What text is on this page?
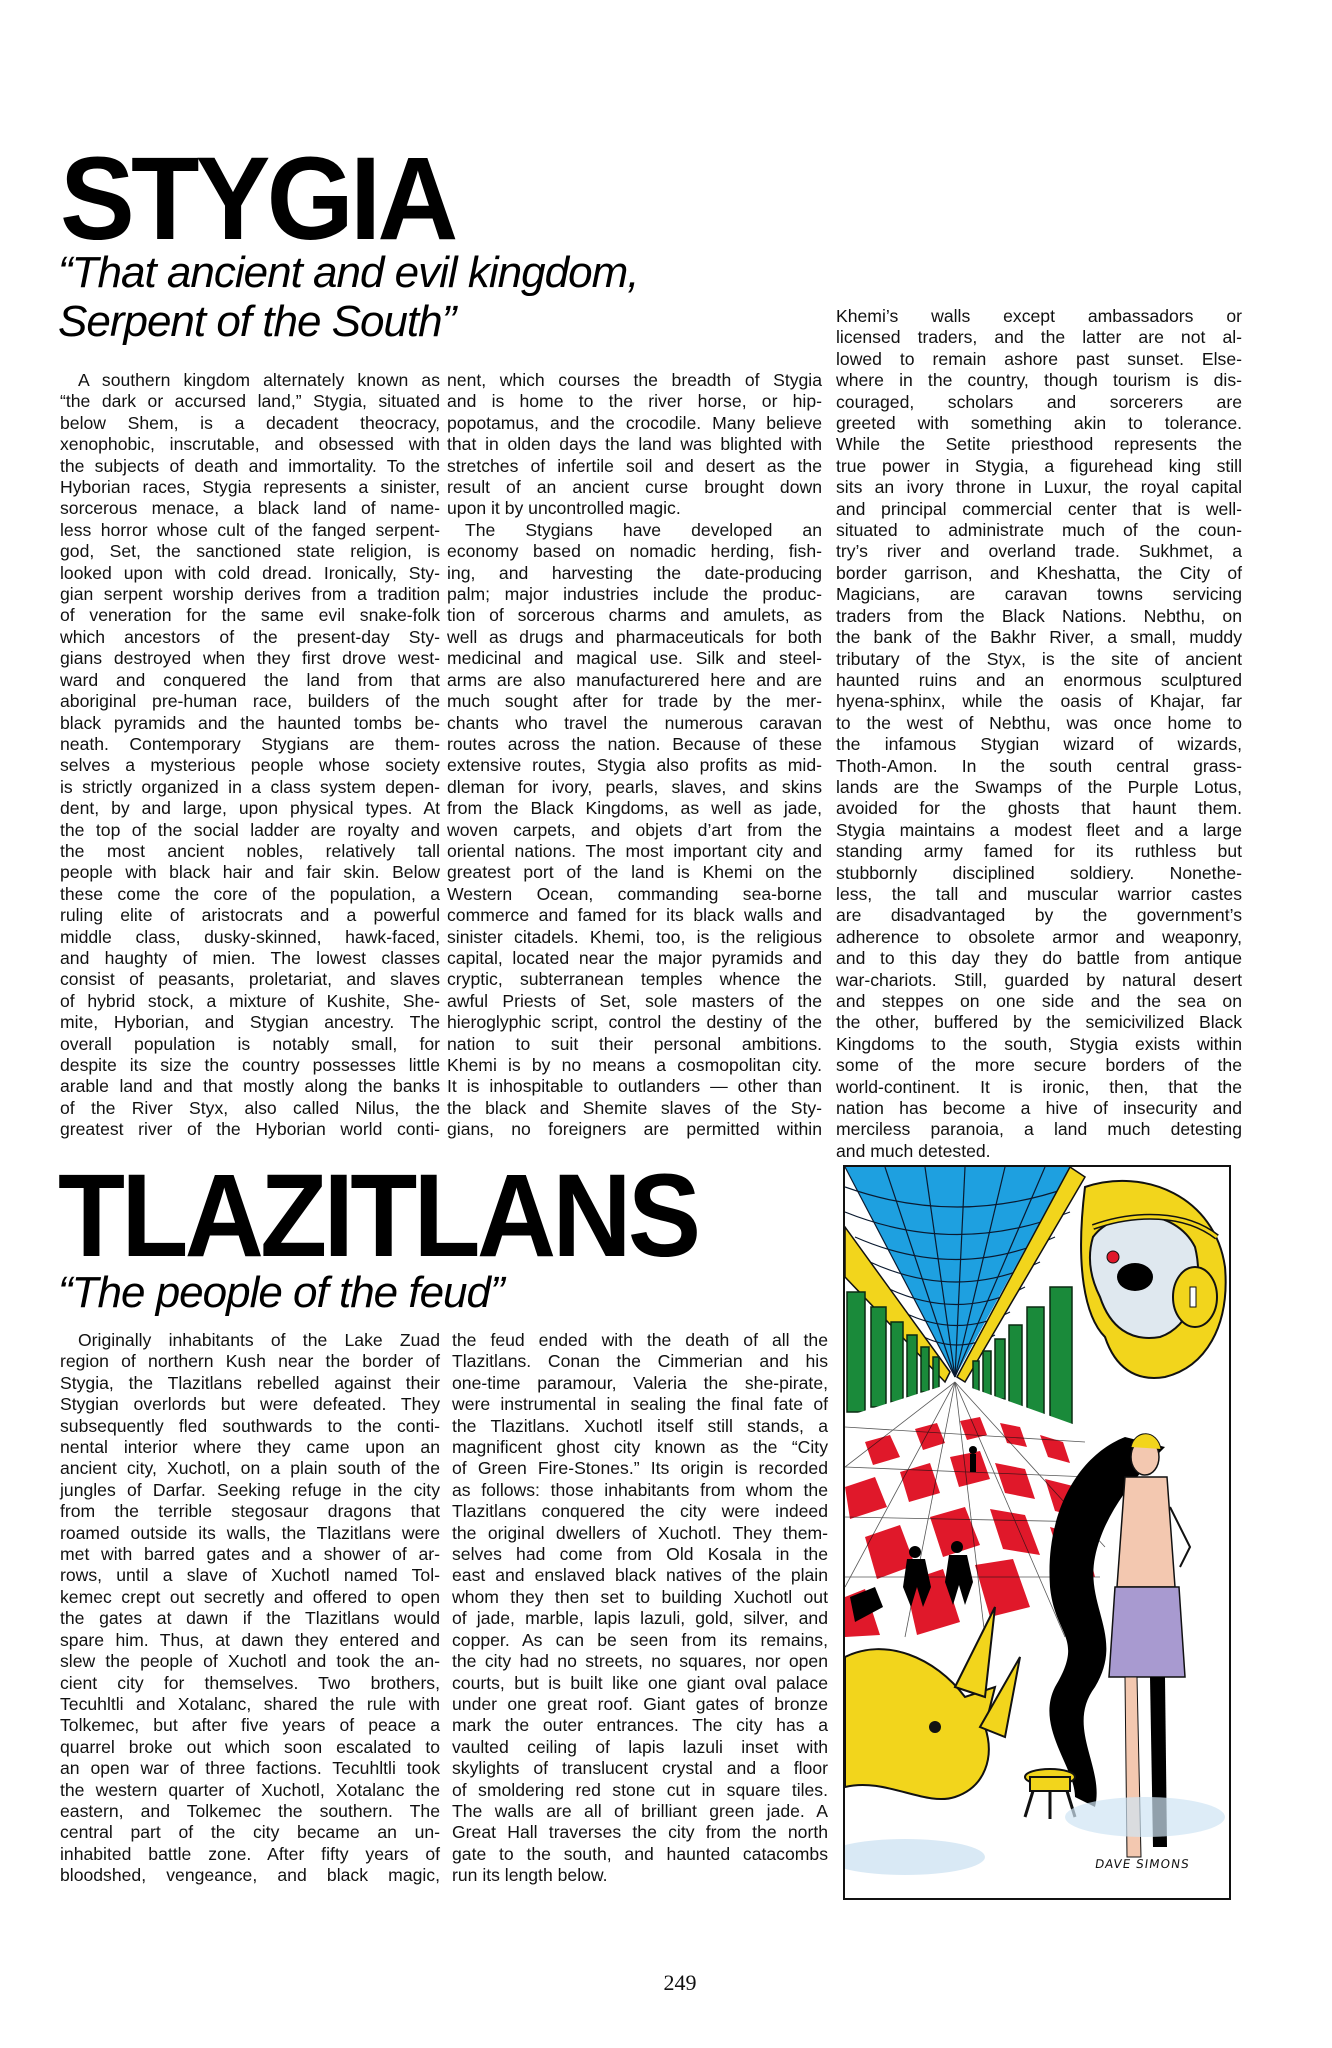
STYGIA
“That ancient and evil kingdom,
Serpent of the South”
A southern kingdom alternately known as
“the dark or accursed land,” Stygia, situated
below Shem, is a decadent theocracy,
xenophobic, inscrutable, and obsessed with
the subjects of death and immortality. To the
Hyborian races, Stygia represents a sinister,
sorcerous menace, a black land of name-
less horror whose cult of the fanged serpent-
god, Set, the sanctioned state religion, is
looked upon with cold dread. Ironically, Sty-
gian serpent worship derives from a tradition
of veneration for the same evil snake-folk
which ancestors of the present-day Sty-
gians destroyed when they first drove west-
ward and conquered the land from that
aboriginal pre-human race, builders of the
black pyramids and the haunted tombs be-
neath. Contemporary Stygians are them-
selves a mysterious people whose society
is strictly organized in a class system depen-
dent, by and large, upon physical types. At
the top of the social ladder are royalty and
the most ancient nobles, relatively tall
people with black hair and fair skin. Below
these come the core of the population, a
ruling elite of aristocrats and a powerful
middle class, dusky-skinned, hawk-faced,
and haughty of mien. The lowest classes
consist of peasants, proletariat, and slaves
of hybrid stock, a mixture of Kushite, She-
mite, Hyborian, and Stygian ancestry. The
overall population is notably small, for
despite its size the country possesses little
arable land and that mostly along the banks
of the River Styx, also called Nilus, the
greatest river of the Hyborian world conti-
nent, which courses the breadth of Stygia
and is home to the river horse, or hip-
popotamus, and the crocodile. Many believe
that in olden days the land was blighted with
stretches of infertile soil and desert as the
result of an ancient curse brought down
upon it by uncontrolled magic.
The Stygians have developed an
economy based on nomadic herding, fish-
ing, and harvesting the date-producing
palm; major industries include the produc-
tion of sorcerous charms and amulets, as
well as drugs and pharmaceuticals for both
medicinal and magical use. Silk and steel-
arms are also manufacturered here and are
much sought after for trade by the mer-
chants who travel the numerous caravan
routes across the nation. Because of these
extensive routes, Stygia also profits as mid-
dleman for ivory, pearls, slaves, and skins
from the Black Kingdoms, as well as jade,
woven carpets, and objets d’art from the
oriental nations. The most important city and
greatest port of the land is Khemi on the
Western Ocean, commanding sea-borne
commerce and famed for its black walls and
sinister citadels. Khemi, too, is the religious
capital, located near the major pyramids and
cryptic, subterranean temples whence the
awful Priests of Set, sole masters of the
hieroglyphic script, control the destiny of the
nation to suit their personal ambitions.
Khemi is by no means a cosmopolitan city.
It is inhospitable to outlanders — other than
the black and Shemite slaves of the Sty-
gians, no foreigners are permitted within
Khemi’s walls except ambassadors or
licensed traders, and the latter are not al-
lowed to remain ashore past sunset. Else-
where in the country, though tourism is dis-
couraged, scholars and sorcerers are
greeted with something akin to tolerance.
While the Setite priesthood represents the
true power in Stygia, a figurehead king still
sits an ivory throne in Luxur, the royal capital
and principal commercial center that is well-
situated to administrate much of the coun-
try’s river and overland trade. Sukhmet, a
border garrison, and Kheshatta, the City of
Magicians, are caravan towns servicing
traders from the Black Nations. Nebthu, on
the bank of the Bakhr River, a small, muddy
tributary of the Styx, is the site of ancient
haunted ruins and an enormous sculptured
hyena-sphinx, while the oasis of Khajar, far
to the west of Nebthu, was once home to
the infamous Stygian wizard of wizards,
Thoth-Amon. In the south central grass-
lands are the Swamps of the Purple Lotus,
avoided for the ghosts that haunt them.
Stygia maintains a modest fleet and a large
standing army famed for its ruthless but
stubbornly disciplined soldiery. Nonethe-
less, the tall and muscular warrior castes
are disadvantaged by the government’s
adherence to obsolete armor and weaponry,
and to this day they do battle from antique
war-chariots. Still, guarded by natural desert
and steppes on one side and the sea on
the other, buffered by the semicivilized Black
Kingdoms to the south, Stygia exists within
some of the more secure borders of the
world-continent. It is ironic, then, that the
nation has become a hive of insecurity and
merciless paranoia, a land much detesting
and much detested.
TLAZITLANS
“The people of the feud”
Originally inhabitants of the Lake Zuad
region of northern Kush near the border of
Stygia, the Tlazitlans rebelled against their
Stygian overlords but were defeated. They
subsequently fled southwards to the conti-
nental interior where they came upon an
ancient city, Xuchotl, on a plain south of the
jungles of Darfar. Seeking refuge in the city
from the terrible stegosaur dragons that
roamed outside its walls, the Tlazitlans were
met with barred gates and a shower of ar-
rows, until a slave of Xuchotl named Tol-
kemec crept out secretly and offered to open
the gates at dawn if the Tlazitlans would
spare him. Thus, at dawn they entered and
slew the people of Xuchotl and took the an-
cient city for themselves. Two brothers,
Tecuhltli and Xotalanc, shared the rule with
Tolkemec, but after five years of peace a
quarrel broke out which soon escalated to
an open war of three factions. Tecuhltli took
the western quarter of Xuchotl, Xotalanc the
eastern, and Tolkemec the southern. The
central part of the city became an un-
inhabited battle zone. After fifty years of
bloodshed, vengeance, and black magic,
the feud ended with the death of all the
Tlazitlans. Conan the Cimmerian and his
one-time paramour, Valeria the she-pirate,
were instrumental in sealing the final fate of
the Tlazitlans. Xuchotl itself still stands, a
magnificent ghost city known as the “City
of Green Fire-Stones.” Its origin is recorded
as follows: those inhabitants from whom the
Tlazitlans conquered the city were indeed
the original dwellers of Xuchotl. They them-
selves had come from Old Kosala in the
east and enslaved black natives of the plain
whom they then set to building Xuchotl out
of jade, marble, lapis lazuli, gold, silver, and
copper. As can be seen from its remains,
the city had no streets, no squares, nor open
courts, but is built like one giant oval palace
under one great roof. Giant gates of bronze
mark the outer entrances. The city has a
vaulted ceiling of lapis lazuli inset with
skylights of translucent crystal and a floor
of smoldering red stone cut in square tiles.
The walls are all of brilliant green jade. A
Great Hall traverses the city from the north
gate to the south, and haunted catacombs
run its length below.
DAVE SIMONS
249
